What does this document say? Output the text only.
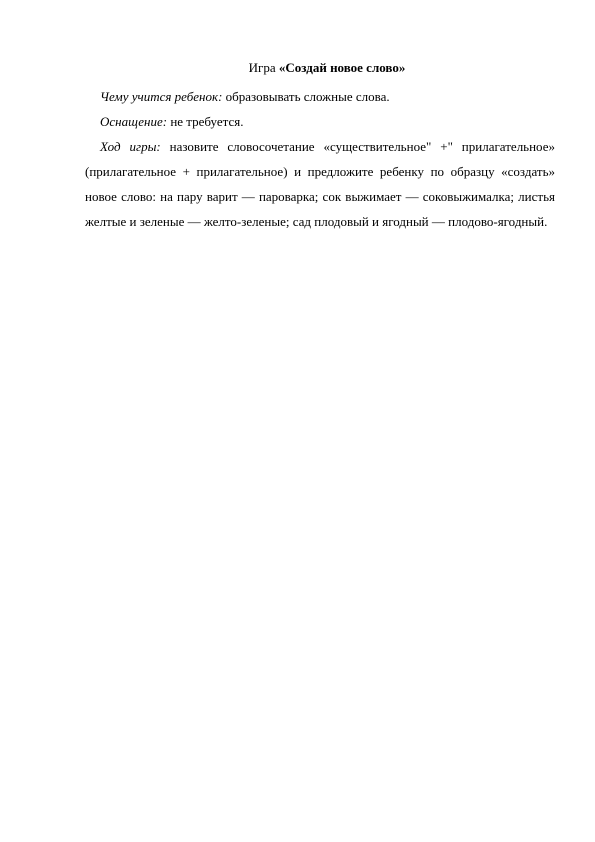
Игра «Создай новое слово»

Чему учится ребенок: образовывать сложные слова.

Оснащение: не требуется.

Ход игры: назовите словосочетание «существительное" +" прилагательное» (прилагательное + прилагательное) и предложите ребенку по образцу «создать» новое слово: на пару варит — пароварка; сок выжимает — соковыжималка; листья желтые и зеленые — желто-зеленые; сад плодовый и ягодный — плодово-ягодный.
